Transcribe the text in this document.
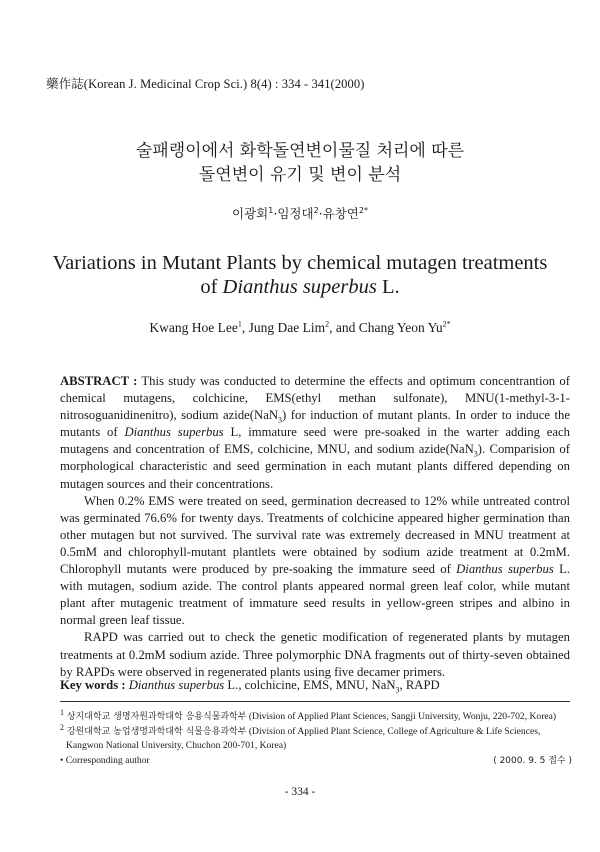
藥作誌(Korean J. Medicinal Crop Sci.) 8(4) : 334 - 341(2000)
술패랭이에서 화학돌연변이물질 처리에 따른
돌연변이 유기 및 변이 분석
이광회$^1$·임정대$^2$·유창연$^{2*}$
Variations in Mutant Plants by chemical mutagen treatments
of Dianthus superbus L.
Kwang Hoe Lee$^1$, Jung Dae Lim$^2$, and Chang Yeon $Yu^{2*}$

ABSTRACT : This study was conducted to determine the effects and optimum concentrantion of chemical mutagens, colchicine, EMS(ethyl methan sulfonate), MNU(1-methyl-3-1-nitrosoguanidinenitro), sodium azide(NaN$_3$) for induction of mutant plants. In order to induce the mutants of Dianthus superbus L, immature seed were pre-soaked in the warter adding each mutagens and concentration of EMS, colchicine, MNU, and sodium azide(NaN$_3$). Comparision of morphological characteristic and seed germination in each mutant plants differed depending on mutagen sources and their concentrations.

When 0.2% EMS were treated on seed, germination decreased to 12% while untreated control was germinated 76.6% for twenty days. Treatments of colchicine appeared higher germination than other mutagen but not survived. The survival rate was extremely decreased in MNU treatment at 0.5mM and chlorophyll-mutant plantlets were obtained by sodium azide treatment at 0.2mM. Chlorophyll mutants were produced by pre-soaking the immature seed of Dianthus superbus L. with mutagen, sodium azide. The control plants appeared normal green leaf color, while mutant plant after mutagenic treatment of immature seed results in yellow-green stripes and albino in normal green leaf tissue.

RAPD was carried out to check the genetic modification of regenerated plants by mutagen treatments at 0.2mM sodium azide. Three polymorphic DNA fragments out of thirty-seven obtained by RAPDs were observed in regenerated plants using five decamer primers.

Key words : Dianthus superbus L., colchicine, EMS, MNU, NaN$_3$, RAPD
$^1$ 상지대학교 생명자원과학대학 응용식물과학부 (Division of Applied Plant Sciences, Sangji University, Wonju, 220-702, Korea)
$^2$ 강원대학교 농업생명과학대학 식물응용과학부 (Division of Applied Plant Science, College of Agriculture & Life Sciences,
Kangwon National University, Chuchon 200-701, Korea)
• Corresponding author	( 2000. 9. 5 접수 )
- 334 -
